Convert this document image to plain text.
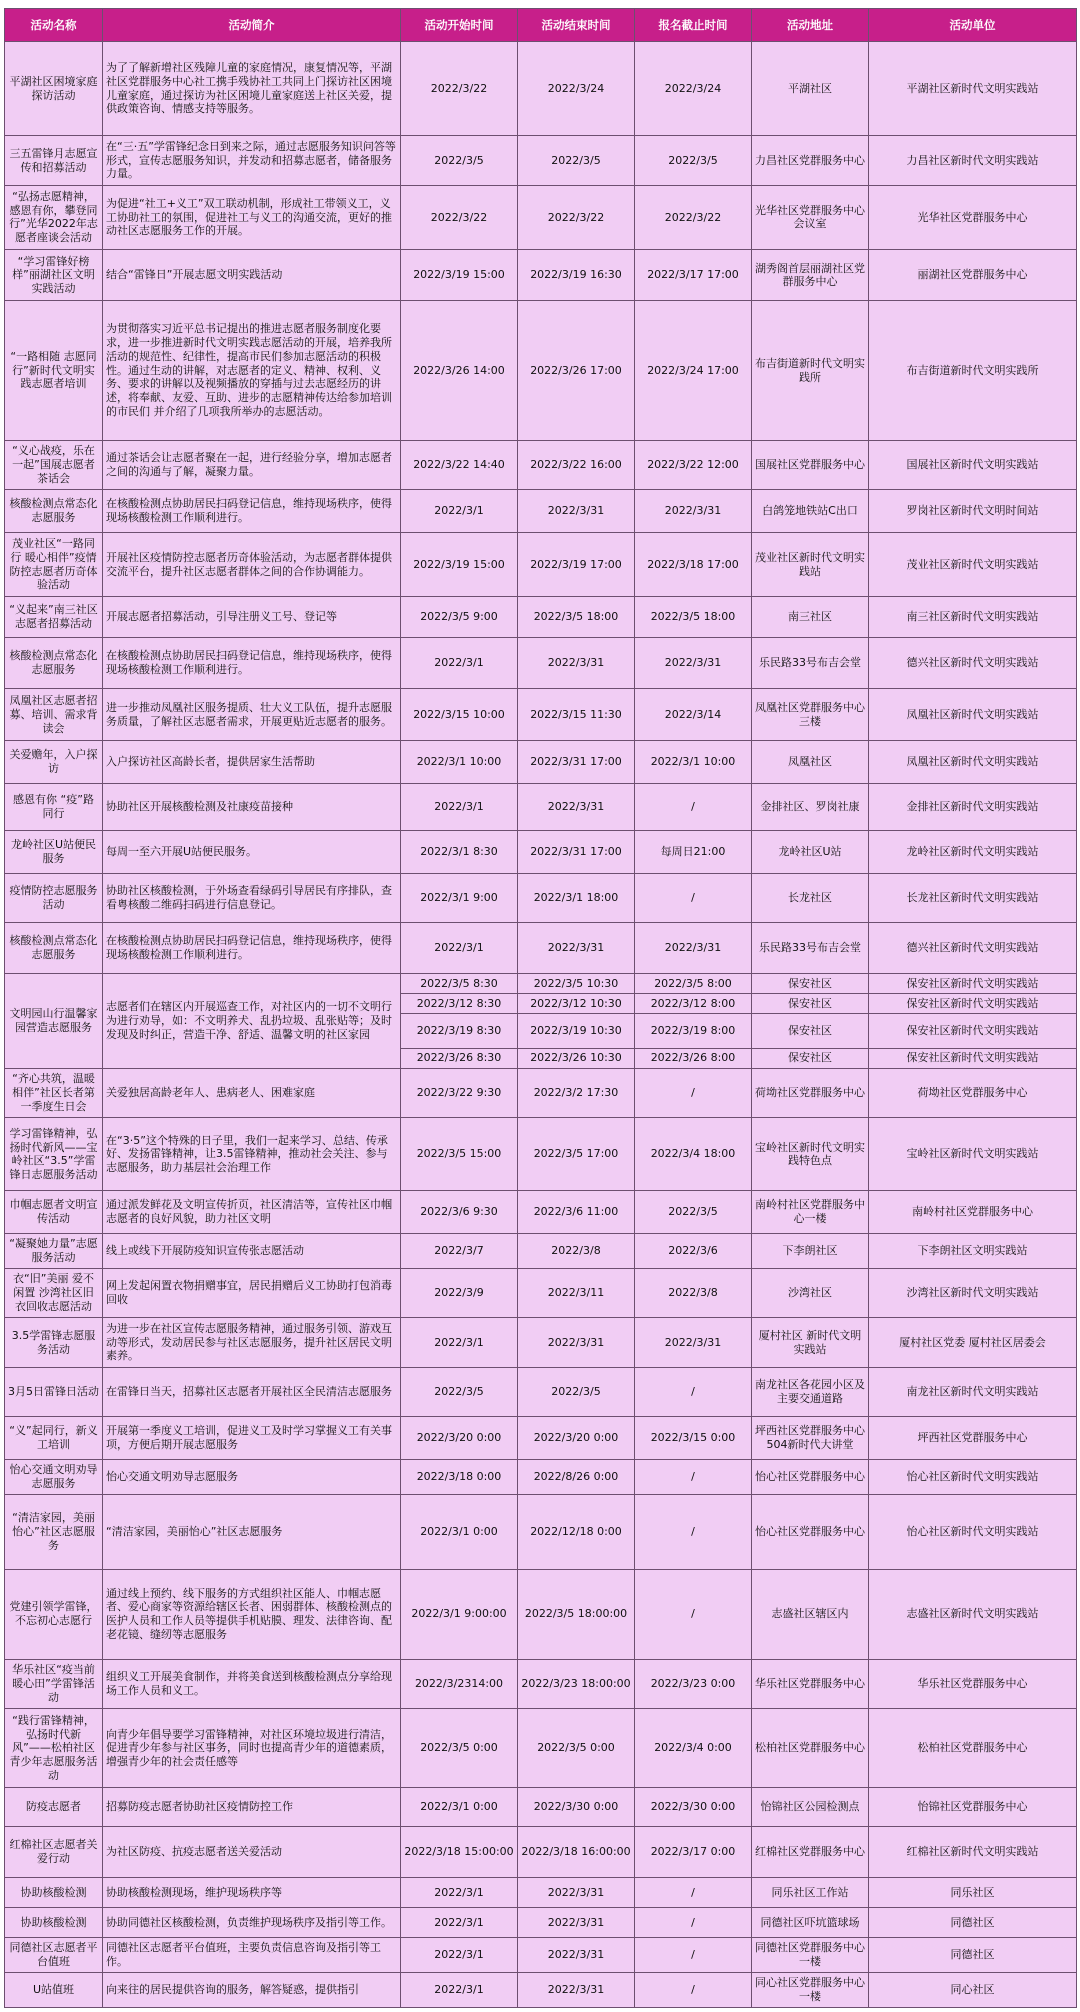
活动名称	活动简介	活动开始时间	活动结束时间	报名截止时间	活动地址	活动单位
平湖社区困境家庭探访活动	为了了解新增社区残障儿童的家庭情况，康复情况等，平湖社区党群服务中心社工携手残协社工共同上门探访社区困境儿童家庭，通过探访为社区困境儿童家庭送上社区关爱，提供政策咨询、情感支持等服务。	2022/3/22	2022/3/24	2022/3/24	平湖社区	平湖社区新时代文明实践站
三五雷锋月志愿宣传和招募活动	在“三·五”学雷锋纪念日到来之际，通过志愿服务知识问答等形式，宣传志愿服务知识，并发动和招募志愿者，储备服务力量。	2022/3/5	2022/3/5	2022/3/5	力昌社区党群服务中心	力昌社区新时代文明实践站
“弘扬志愿精神，感恩有你，攀登同行”光华2022年志愿者座谈会活动	为促进“社工+义工”双工联动机制，形成社工带领义工，义工协助社工的氛围，促进社工与义工的沟通交流，更好的推动社区志愿服务工作的开展。	2022/3/22	2022/3/22	2022/3/22	光华社区党群服务中心会议室	光华社区党群服务中心
“学习雷锋好榜样”丽湖社区文明实践活动	结合“雷锋日”开展志愿文明实践活动	2022/3/19 15:00	2022/3/19 16:30	2022/3/17 17:00	湖秀阁首层丽湖社区党群服务中心	丽湖社区党群服务中心
“一路相随 志愿同行”新时代文明实践志愿者培训	为贯彻落实习近平总书记提出的推进志愿者服务制度化要求，进一步推进新时代文明实践志愿活动的开展，培养我所活动的规范性、纪律性，提高市民们参加志愿活动的积极性。通过生动的讲解，对志愿者的定义、精神、权利、义务、要求的讲解以及视频播放的穿插与过去志愿经历的讲述，将奉献、友爱、互助、进步的志愿精神传达给参加培训的市民们 并介绍了几项我所举办的志愿活动。	2022/3/26 14:00	2022/3/26 17:00	2022/3/24 17:00	布吉街道新时代文明实践所	布吉街道新时代文明实践所
“义心战疫，乐在一起”国展志愿者茶话会	通过茶话会让志愿者聚在一起，进行经验分享，增加志愿者之间的沟通与了解，凝聚力量。	2022/3/22 14:40	2022/3/22 16:00	2022/3/22 12:00	国展社区党群服务中心	国展社区新时代文明实践站
核酸检测点常态化志愿服务	在核酸检测点协助居民扫码登记信息，维持现场秩序，使得现场核酸检测工作顺利进行。	2022/3/1	2022/3/31	2022/3/31	白鸽笼地铁站C出口	罗岗社区新时代文明时间站
茂业社区“一路同行 暖心相伴”疫情防控志愿者历奇体验活动	开展社区疫情防控志愿者历奇体验活动，为志愿者群体提供交流平台，提升社区志愿者群体之间的合作协调能力。	2022/3/19 15:00	2022/3/19 17:00	2022/3/18 17:00	茂业社区新时代文明实践站	茂业社区新时代文明实践站
“义起来”南三社区志愿者招募活动	开展志愿者招募活动，引导注册义工号、登记等	2022/3/5 9:00	2022/3/5 18:00	2022/3/5 18:00	南三社区	南三社区新时代文明实践站
核酸检测点常态化志愿服务	在核酸检测点协助居民扫码登记信息，维持现场秩序，使得现场核酸检测工作顺利进行。	2022/3/1	2022/3/31	2022/3/31	乐民路33号布吉会堂	德兴社区新时代文明实践站
凤凰社区志愿者招募、培训、需求背读会	进一步推动凤凰社区服务提质、壮大义工队伍，提升志愿服务质量，了解社区志愿者需求，开展更贴近志愿者的服务。	2022/3/15 10:00	2022/3/15 11:30	2022/3/14	凤凰社区党群服务中心三楼	凤凰社区新时代文明实践站
关爱赡年，入户探访	入户探访社区高龄长者，提供居家生活帮助	2022/3/1 10:00	2022/3/31 17:00	2022/3/1 10:00	凤凰社区	凤凰社区新时代文明实践站
感恩有你 “疫”路同行	协助社区开展核酸检测及社康疫苗接种	2022/3/1	2022/3/31	/	金排社区、罗岗社康	金排社区新时代文明实践站
龙岭社区U站便民服务	每周一至六开展U站便民服务。	2022/3/1 8:30	2022/3/31 17:00	每周日21:00	龙岭社区U站	龙岭社区新时代文明实践站
疫情防控志愿服务活动	协助社区核酸检测，于外场查看绿码引导居民有序排队，查看粤核酸二维码扫码进行信息登记。	2022/3/1 9:00	2022/3/1 18:00	/	长龙社区	长龙社区新时代文明实践站
核酸检测点常态化志愿服务	在核酸检测点协助居民扫码登记信息，维持现场秩序，使得现场核酸检测工作顺利进行。	2022/3/1	2022/3/31	2022/3/31	乐民路33号布吉会堂	德兴社区新时代文明实践站
文明园山行温馨家园营造志愿服务	志愿者们在辖区内开展巡查工作，对社区内的一切不文明行为进行劝导，如：不文明养犬、乱扔垃圾、乱张贴等；及时发现及时纠正，营造干净、舒适、温馨文明的社区家园	2022/3/5 8:30	2022/3/5 10:30	2022/3/5 8:00	保安社区	保安社区新时代文明实践站
		2022/3/12 8:30	2022/3/12 10:30	2022/3/12 8:00	保安社区	保安社区新时代文明实践站
		2022/3/19 8:30	2022/3/19 10:30	2022/3/19 8:00	保安社区	保安社区新时代文明实践站
		2022/3/26 8:30	2022/3/26 10:30	2022/3/26 8:00	保安社区	保安社区新时代文明实践站
“齐心共筑，温暖相伴”社区长者第一季度生日会	关爱独居高龄老年人、患病老人、困难家庭	2022/3/22 9:30	2022/3/2 17:30	/	荷坳社区党群服务中心	荷坳社区党群服务中心
学习雷锋精神，弘扬时代新风——宝岭社区“3.5”学雷锋日志愿服务活动	在“3·5”这个特殊的日子里，我们一起来学习、总结、传承好、发扬雷锋精神，让3.5雷锋精神，推动社会关注、参与志愿服务，助力基层社会治理工作	2022/3/5 15:00	2022/3/5 17:00	2022/3/4 18:00	宝岭社区新时代文明实践特色点	宝岭社区新时代文明实践站
巾帼志愿者文明宣传活动	通过派发鲜花及文明宣传折页，社区清洁等，宣传社区巾帼志愿者的良好风貌，助力社区文明	2022/3/6 9:30	2022/3/6 11:00	2022/3/5	南岭村社区党群服务中心一楼	南岭村社区党群服务中心
“凝聚她力量”志愿服务活动	线上或线下开展防疫知识宣传张志愿活动	2022/3/7	2022/3/8	2022/3/6	下李朗社区	下李朗社区文明实践站
衣“旧”美丽 爱不闲置 沙湾社区旧衣回收志愿活动	网上发起闲置衣物捐赠事宜，居民捐赠后义工协助打包消毒回收	2022/3/9	2022/3/11	2022/3/8	沙湾社区	沙湾社区新时代文明实践站
3.5学雷锋志愿服务活动	为进一步在社区宣传志愿服务精神，通过服务引领、游戏互动等形式，发动居民参与社区志愿服务，提升社区居民文明素养。	2022/3/1	2022/3/31	2022/3/31	厦村社区 新时代文明实践站	厦村社区党委 厦村社区居委会
3月5日雷锋日活动	在雷锋日当天，招募社区志愿者开展社区全民清洁志愿服务	2022/3/5	2022/3/5	/	南龙社区各花园小区及主要交通道路	南龙社区新时代文明实践站
“义”起同行，新义工培训	开展第一季度义工培训，促进义工及时学习掌握义工有关事项，方便后期开展志愿服务	2022/3/20 0:00	2022/3/20 0:00	2022/3/15 0:00	坪西社区党群服务中心504新时代大讲堂	坪西社区党群服务中心
怡心交通文明劝导志愿服务	怡心交通文明劝导志愿服务	2022/3/18 0:00	2022/8/26 0:00	/	怡心社区党群服务中心	怡心社区新时代文明实践站
“清洁家园，美丽怡心”社区志愿服务	“清洁家园，美丽怡心”社区志愿服务	2022/3/1 0:00	2022/12/18 0:00	/	怡心社区党群服务中心	怡心社区新时代文明实践站
党建引领学雷锋，不忘初心志愿行	通过线上预约、线下服务的方式组织社区能人、巾帼志愿者、爱心商家等资源给辖区长者、困弱群体、核酸检测点的医护人员和工作人员等提供手机贴膜、理发、法律咨询、配老花镜、缝纫等志愿服务	2022/3/1 9:00:00	2022/3/5 18:00:00	/	志盛社区辖区内	志盛社区新时代文明实践站
华乐社区“疫当前 暖心田”学雷锋活动	组织义工开展美食制作，并将美食送到核酸检测点分享给现场工作人员和义工。	2022/3/2314:00	2022/3/23 18:00:00	2022/3/23 0:00	华乐社区党群服务中心	华乐社区党群服务中心
“践行雷锋精神，弘扬时代新风”——松柏社区青少年志愿服务活动	向青少年倡导要学习雷锋精神，对社区环境垃圾进行清洁，促进青少年参与社区事务，同时也提高青少年的道德素质，增强青少年的社会责任感等	2022/3/5 0:00	2022/3/5 0:00	2022/3/4 0:00	松柏社区党群服务中心	松柏社区党群服务中心
防疫志愿者	招募防疫志愿者协助社区疫情防控工作	2022/3/1 0:00	2022/3/30 0:00	2022/3/30 0:00	怡锦社区公园检测点	怡锦社区党群服务中心
红棉社区志愿者关爱行动	为社区防疫、抗疫志愿者送关爱活动	2022/3/18 15:00:00	2022/3/18 16:00:00	2022/3/17 0:00	红棉社区党群服务中心	红棉社区新时代文明实践站
协助核酸检测	协助核酸检测现场，维护现场秩序等	2022/3/1	2022/3/31	/	同乐社区工作站	同乐社区
协助核酸检测	协助同德社区核酸检测，负责维护现场秩序及指引等工作。	2022/3/1	2022/3/31	/	同德社区吓坑篮球场	同德社区
同德社区志愿者平台值班	同德社区志愿者平台值班，主要负责信息咨询及指引等工作。	2022/3/1	2022/3/31	/	同德社区党群服务中心一楼	同德社区
U站值班	向来往的居民提供咨询的服务，解答疑惑，提供指引	2022/3/1	2022/3/31	/	同心社区党群服务中心一楼	同心社区
